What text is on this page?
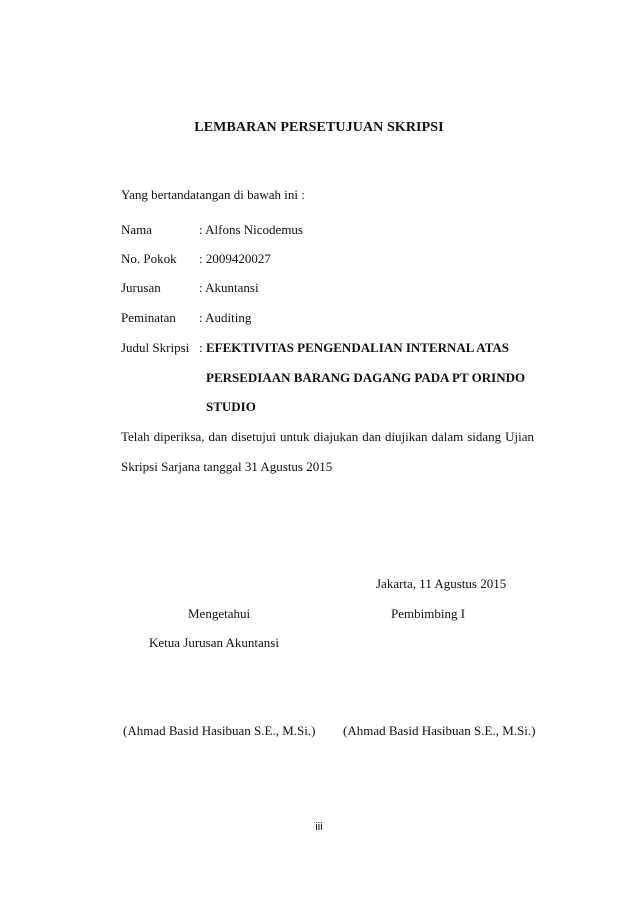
LEMBARAN PERSETUJUAN SKRIPSI
Yang bertandatangan di bawah ini :
Nama	: Alfons Nicodemus
No. Pokok : 2009420027
Jurusan	: Akuntansi
Peminatan : Auditing
Judul Skripsi : EFEKTIVITAS PENGENDALIAN INTERNAL ATAS
PERSEDIAAN BARANG DAGANG PADA PT ORINDO
STUDIO
Telah diperiksa, dan disetujui untuk diajukan dan diujikan dalam sidang Ujian
Skripsi Sarjana tanggal 31 Agustus 2015
Jakarta, 11 Agustus 2015
Mengetahui	Pembimbing I
Ketua Jurusan Akuntansi
(Ahmad Basid Hasibuan S.E., M.Si.) (Ahmad Basid Hasibuan S.E., M.Si.)
iii
